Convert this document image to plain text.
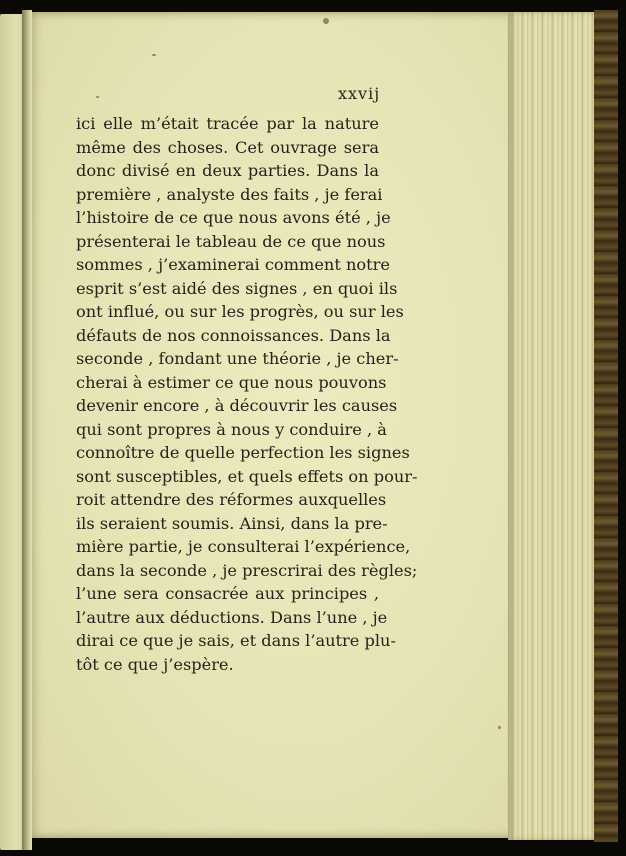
xxvij
ici elle m’était tracée par la nature
même des choses. Cet ouvrage sera
donc divisé en deux parties. Dans la
première , analyste des faits , je ferai
l’histoire de ce que nous avons été , je
présenterai le tableau de ce que nous
sommes , j’examinerai comment notre
esprit s’est aidé des signes , en quoi ils
ont influé, ou sur les progrès, ou sur les
défauts de nos connoissances. Dans la
seconde , fondant une théorie , je cher-
cherai à estimer ce que nous pouvons
devenir encore , à découvrir les causes
qui sont propres à nous y conduire , à
connoître de quelle perfection les signes
sont susceptibles, et quels effets on pour-
roit attendre des réformes auxquelles
ils seraient soumis. Ainsi, dans la pre-
mière partie, je consulterai l’expérience,
dans la seconde , je prescrirai des règles;
l’une sera consacrée aux principes ,
l’autre aux déductions. Dans l’une , je
dirai ce que je sais, et dans l’autre plu-
tôt ce que j’espère.
